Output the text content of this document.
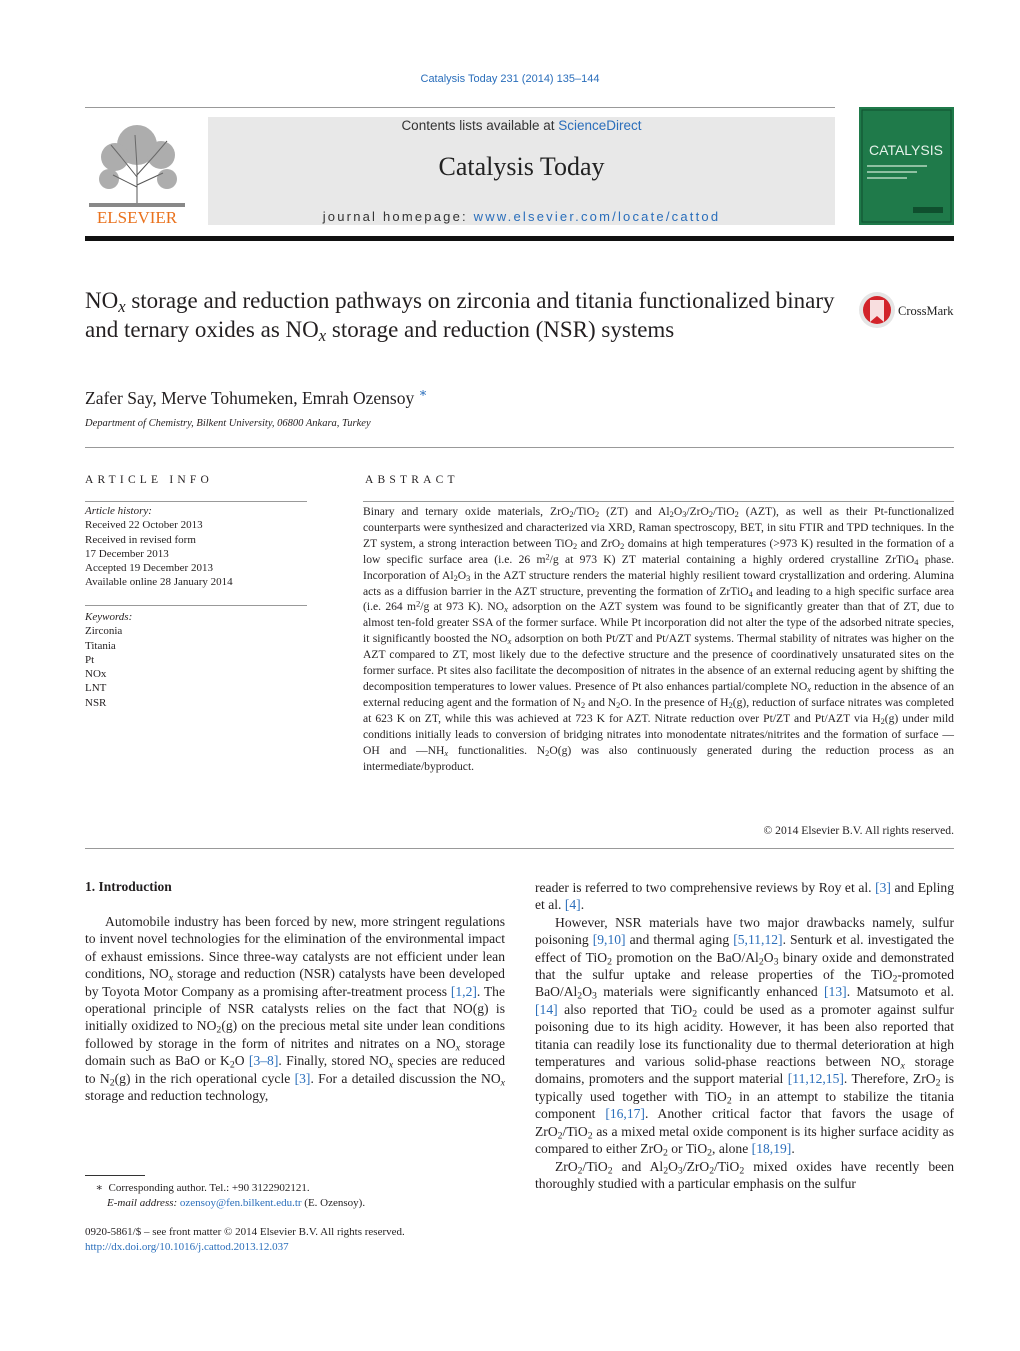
Catalysis Today 231 (2014) 135–144
ELSEVIER
Contents lists available at ScienceDirect
Catalysis Today
journal homepage: www.elsevier.com/locate/cattod
CATALYSIS
$NO_x$ storage and reduction pathways on zirconia and titania functionalized binary and ternary oxides as $NO_x$ storage and reduction (NSR) systems
CrossMark
Zafer Say, Merve Tohumeken, Emrah Ozensoy ∗
Department of Chemistry, Bilkent University, 06800 Ankara, Turkey
ARTICLE INFO	ABSTRACT
Article history:
Received 22 October 2013
Received in revised form
17 December 2013
Accepted 19 December 2013
Available online 28 January 2014
Keywords:
Zirconia
Titania
Pt
NOx
LNT
NSR
Binary and ternary oxide materials, ZrO$_2$/TiO$_2$ (ZT) and $Al_2O_3/ZrO_2/TiO_2$ (AZT), as well as their Pt-functionalized counterparts were synthesized and characterized via XRD, Raman spectroscopy, BET, in situ FTIR and TPD techniques. In the ZT system, a strong interaction between TiO$_2$ and ZrO$_2$ domains at high temperatures (>973 K) resulted in the formation of a low specific surface area (i.e. 26 $m^2/g$ at 973 K) ZT material containing a highly ordered crystalline ZrTiO$_4$ phase. Incorporation of $Al_2O_3$ in the AZT structure renders the material highly resilient toward crystallization and ordering. Alumina acts as a diffusion barrier in the AZT structure, preventing the formation of ZrTiO$_4$ and leading to a high specific surface area (i.e. 264 $m^2/g$ at 973 K). $NO_x$ adsorption on the AZT system was found to be significantly greater than that of ZT, due to almost ten-fold greater SSA of the former surface. While Pt incorporation did not alter the type of the adsorbed nitrate species, it significantly boosted the $NO_x$ adsorption on both Pt/ZT and Pt/AZT systems. Thermal stability of nitrates was higher on the AZT compared to ZT, most likely due to the defective structure and the presence of coordinatively unsaturated sites on the former surface. Pt sites also facilitate the decomposition of nitrates in the absence of an external reducing agent by shifting the decomposition temperatures to lower values. Presence of Pt also enhances partial/complete $NO_x$ reduction in the absence of an external reducing agent and the formation of $N_2$ and $N_2O$. In the presence of $H_2(g)$, reduction of surface nitrates was completed at 623 K on ZT, while this was achieved at 723 K for AZT. Nitrate reduction over Pt/ZT and Pt/AZT via $H_2(g)$ under mild conditions initially leads to conversion of bridging nitrates into monodentate nitrates/nitrites and the formation of surface —OH and $—NH_x$ functionalities. $N_2O(g)$ was also continuously generated during the reduction process as an intermediate/byproduct.
© 2014 Elsevier B.V. All rights reserved.
1. Introduction

Automobile industry has been forced by new, more stringent regulations to invent novel technologies for the elimination of the environmental impact of exhaust emissions. Since three-way catalysts are not efficient under lean conditions, $NO_x$ storage and reduction (NSR) catalysts have been developed by Toyota Motor Company as a promising after-treatment process [1,2]. The operational principle of NSR catalysts relies on the fact that NO(g) is initially oxidized to $NO_2(g)$ on the precious metal site under lean conditions followed by storage in the form of nitrites and nitrates on a $NO_x$ storage domain such as BaO or $K_2O$ [3–8]. Finally, stored $NO_x$ species are reduced to $N_2(g)$ in the rich operational cycle [3]. For a detailed discussion the $NO_x$ storage and reduction technology,

reader is referred to two comprehensive reviews by Roy et al. [3] and Epling et al. [4].

However, NSR materials have two major drawbacks namely, sulfur poisoning [9,10] and thermal aging [5,11,12]. Senturk et al. investigated the effect of TiO$_2$ promotion on the BaO/$Al_2O_3$ binary oxide and demonstrated that the sulfur uptake and release properties of the TiO$_2$-promoted BaO/$Al_2O_3$ materials were significantly enhanced [13]. Matsumoto et al. [14] also reported that TiO$_2$ could be used as a promoter against sulfur poisoning due to its high acidity. However, it has been also reported that titania can readily lose its functionality due to thermal deterioration at high temperatures and various solid-phase reactions between $NO_x$ storage domains, promoters and the support material [11,12,15]. Therefore, ZrO$_2$ is typically used together with TiO$_2$ in an attempt to stabilize the titania component [16,17]. Another critical factor that favors the usage of ZrO$_2$/TiO$_2$ as a mixed metal oxide component is its higher surface acidity as compared to either ZrO$_2$ or TiO$_2$, alone [18,19].

ZrO$_2$/TiO$_2$ and $Al_2O_3/ZrO_2/TiO_2$ mixed oxides have recently been thoroughly studied with a particular emphasis on the sulfur

∗ Corresponding author. Tel.: +90 3122902121.
E-mail address: ozensoy@fen.bilkent.edu.tr (E. Ozensoy).
0920-5861/$ – see front matter © 2014 Elsevier B.V. All rights reserved.
http://dx.doi.org/10.1016/j.cattod.2013.12.037
